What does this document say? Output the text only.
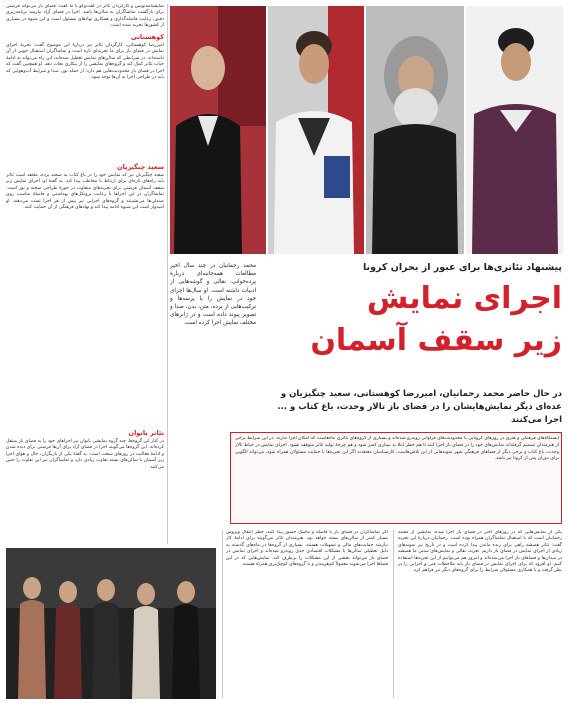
نمایشنامه‌نویس و کارگردان تئاتر در گفت‌وگو با ما گفت: فضای باز می‌تواند فرصتی برای بازگشت تماشاگران به سالن‌ها باشد. اجرا در فضای آزاد نیازمند برنامه‌ریزی دقیق، رعایت فاصله‌گذاری و همکاری نهادهای مسئول است و این شیوه در بسیاری از کشورها تجربه شده است.

کوهستانی

امیررضا کوهستانی، کارگردان تئاتر نیز دربارهٔ این موضوع گفت: تجربهٔ اجرای نمایش در فضای باز برای ما تجربه‌ای تازه است و تماشاگران استقبال خوبی از آن داشته‌اند. در شرایطی که سالن‌های نمایش تعطیل شده‌اند، این راه می‌تواند به ادامهٔ حیات تئاتر کمک کند و گروه‌های نمایشی را از بیکاری نجات دهد. او همچنین گفت که اجرا در فضای باز محدودیت‌هایی هم دارد؛ از جمله نور، صدا و شرایط آب‌وهوایی که باید در طراحی اجرا به آن‌ها توجه شود.

سعید چنگیزیان

سعید چنگیزیان نیز که نمایش خود را در باغ کتاب به صحنه برده، معتقد است تئاتر باید راه‌های تازه‌ای برای ارتباط با مخاطب پیدا کند. به گفتهٔ او، اجرای نمایش زیر سقف آسمان فرصتی برای تجربه‌های متفاوت در حوزهٔ طراحی صحنه و نور است. تماشاگران در این اجراها با رعایت پروتکل‌های بهداشتی و فاصلهٔ مناسب روی صندلی‌ها می‌نشینند و گروه‌های اجرایی نیز پیش از هر اجرا تست می‌دهند. او امیدوار است این شیوه ادامه پیدا کند و نهادهای فرهنگی از آن حمایت کنند.

تئاتر بانوان

در کنار این گروه‌ها، چند گروه نمایشی بانوان نیز اجراهای خود را به فضای باز منتقل کرده‌اند. این گروه‌ها می‌گویند اجرا در فضای آزاد برای آن‌ها فرصتی برای دیده شدن و ادامهٔ فعالیت در روزهای سخت است. به گفتهٔ یکی از بازیگران، حال و هوای اجرا زیر آسمان با سالن‌های بسته تفاوت زیادی دارد و تماشاگران نیز این تفاوت را حس می‌کنند.

پیشنهاد تئاتری‌ها برای عبور از بحران کرونا
اجرای نمایش
زیر سقف آسمان
محمد رحمانیان در چند سال اخیر مطالعات همه‌جانبه‌ای دربارهٔ پرده‌خوانی، نقالی و گوشه‌هایی از ادبیات داشته است. او سال‌ها اجرای خود در نمایش را با پرسه‌ها و ترکیب‌هایی از پرده، متن، بدن، صدا و تصویر پیوند داده است و در ژانرهای مختلف نمایش اجرا کرده است.
در حال حاضر محمد رحمانیان، امیررضا کوهستانی، سعید چنگیزیان و عده‌ای دیگر نمایش‌هایشان را در فضای باز تالار وحدت، باغ کتاب و ... اجرا می‌کنند

ایستگاه‌های فرهنگی و هنری در روزهای کرونایی با محدودیت‌های فراوانی روبه‌رو شده‌اند و بسیاری از گروه‌های تئاتری ماه‌هاست که امکان اجرا ندارند. در این شرایط برخی از هنرمندان تصمیم گرفته‌اند نمایش‌های خود را در فضای باز اجرا کنند تا هم خطر ابتلا به بیماری کمتر شود و هم چرخهٔ تولید تئاتر متوقف نشود. اجرای نمایش در حیاط تالار وحدت، باغ کتاب و برخی دیگر از فضاهای فرهنگی شهر نمونه‌هایی از این تلاش‌هاست. کارشناسان معتقدند اگر این تجربه‌ها با حمایت مسئولان همراه شود، می‌تواند الگویی برای دوران پس از کرونا نیز باشد.

اگر تماشاگران در فضای باز با فاصله و ماسک حضور پیدا کنند، خطر انتقال ویروس بسیار کمتر از سالن‌های بسته خواهد بود. هنرمندان تئاتر می‌گویند برای ادامهٔ کار نیازمند حمایت‌های مالی و تسهیلات هستند. بسیاری از گروه‌ها در ماه‌های گذشته به دلیل تعطیلی سالن‌ها با مشکلات اقتصادی جدی روبه‌رو شده‌اند و اجرای نمایش در فضای باز می‌تواند بخشی از این مشکلات را برطرف کند. نمایش‌هایی که در این فضاها اجرا می‌شوند معمولاً کم‌هزینه‌تر و با گروه‌های کوچک‌تری همراه هستند.

یکی از نمایش‌هایی که در روزهای اخیر در فضای باز اجرا شده، نمایشی از محمد رحمانیان است که با استقبال تماشاگران همراه بوده است. رحمانیان دربارهٔ این تجربه گفت: تئاتر همیشه راهی برای زنده ماندن پیدا کرده است و در تاریخ نیز نمونه‌های زیادی از اجرای نمایش در فضای باز داریم. تعزیه، نقالی و نمایش‌های سنتی ما همیشه در میدان‌ها و فضاهای باز اجرا می‌شده‌اند و امروز هم می‌توانیم از این تجربه‌ها استفاده کنیم. او افزود که برای اجرای نمایش در فضای باز باید ملاحظات فنی و اجرایی را در نظر گرفت و با همکاری مسئولان شرایط را برای گروه‌های دیگر نیز فراهم کرد.
